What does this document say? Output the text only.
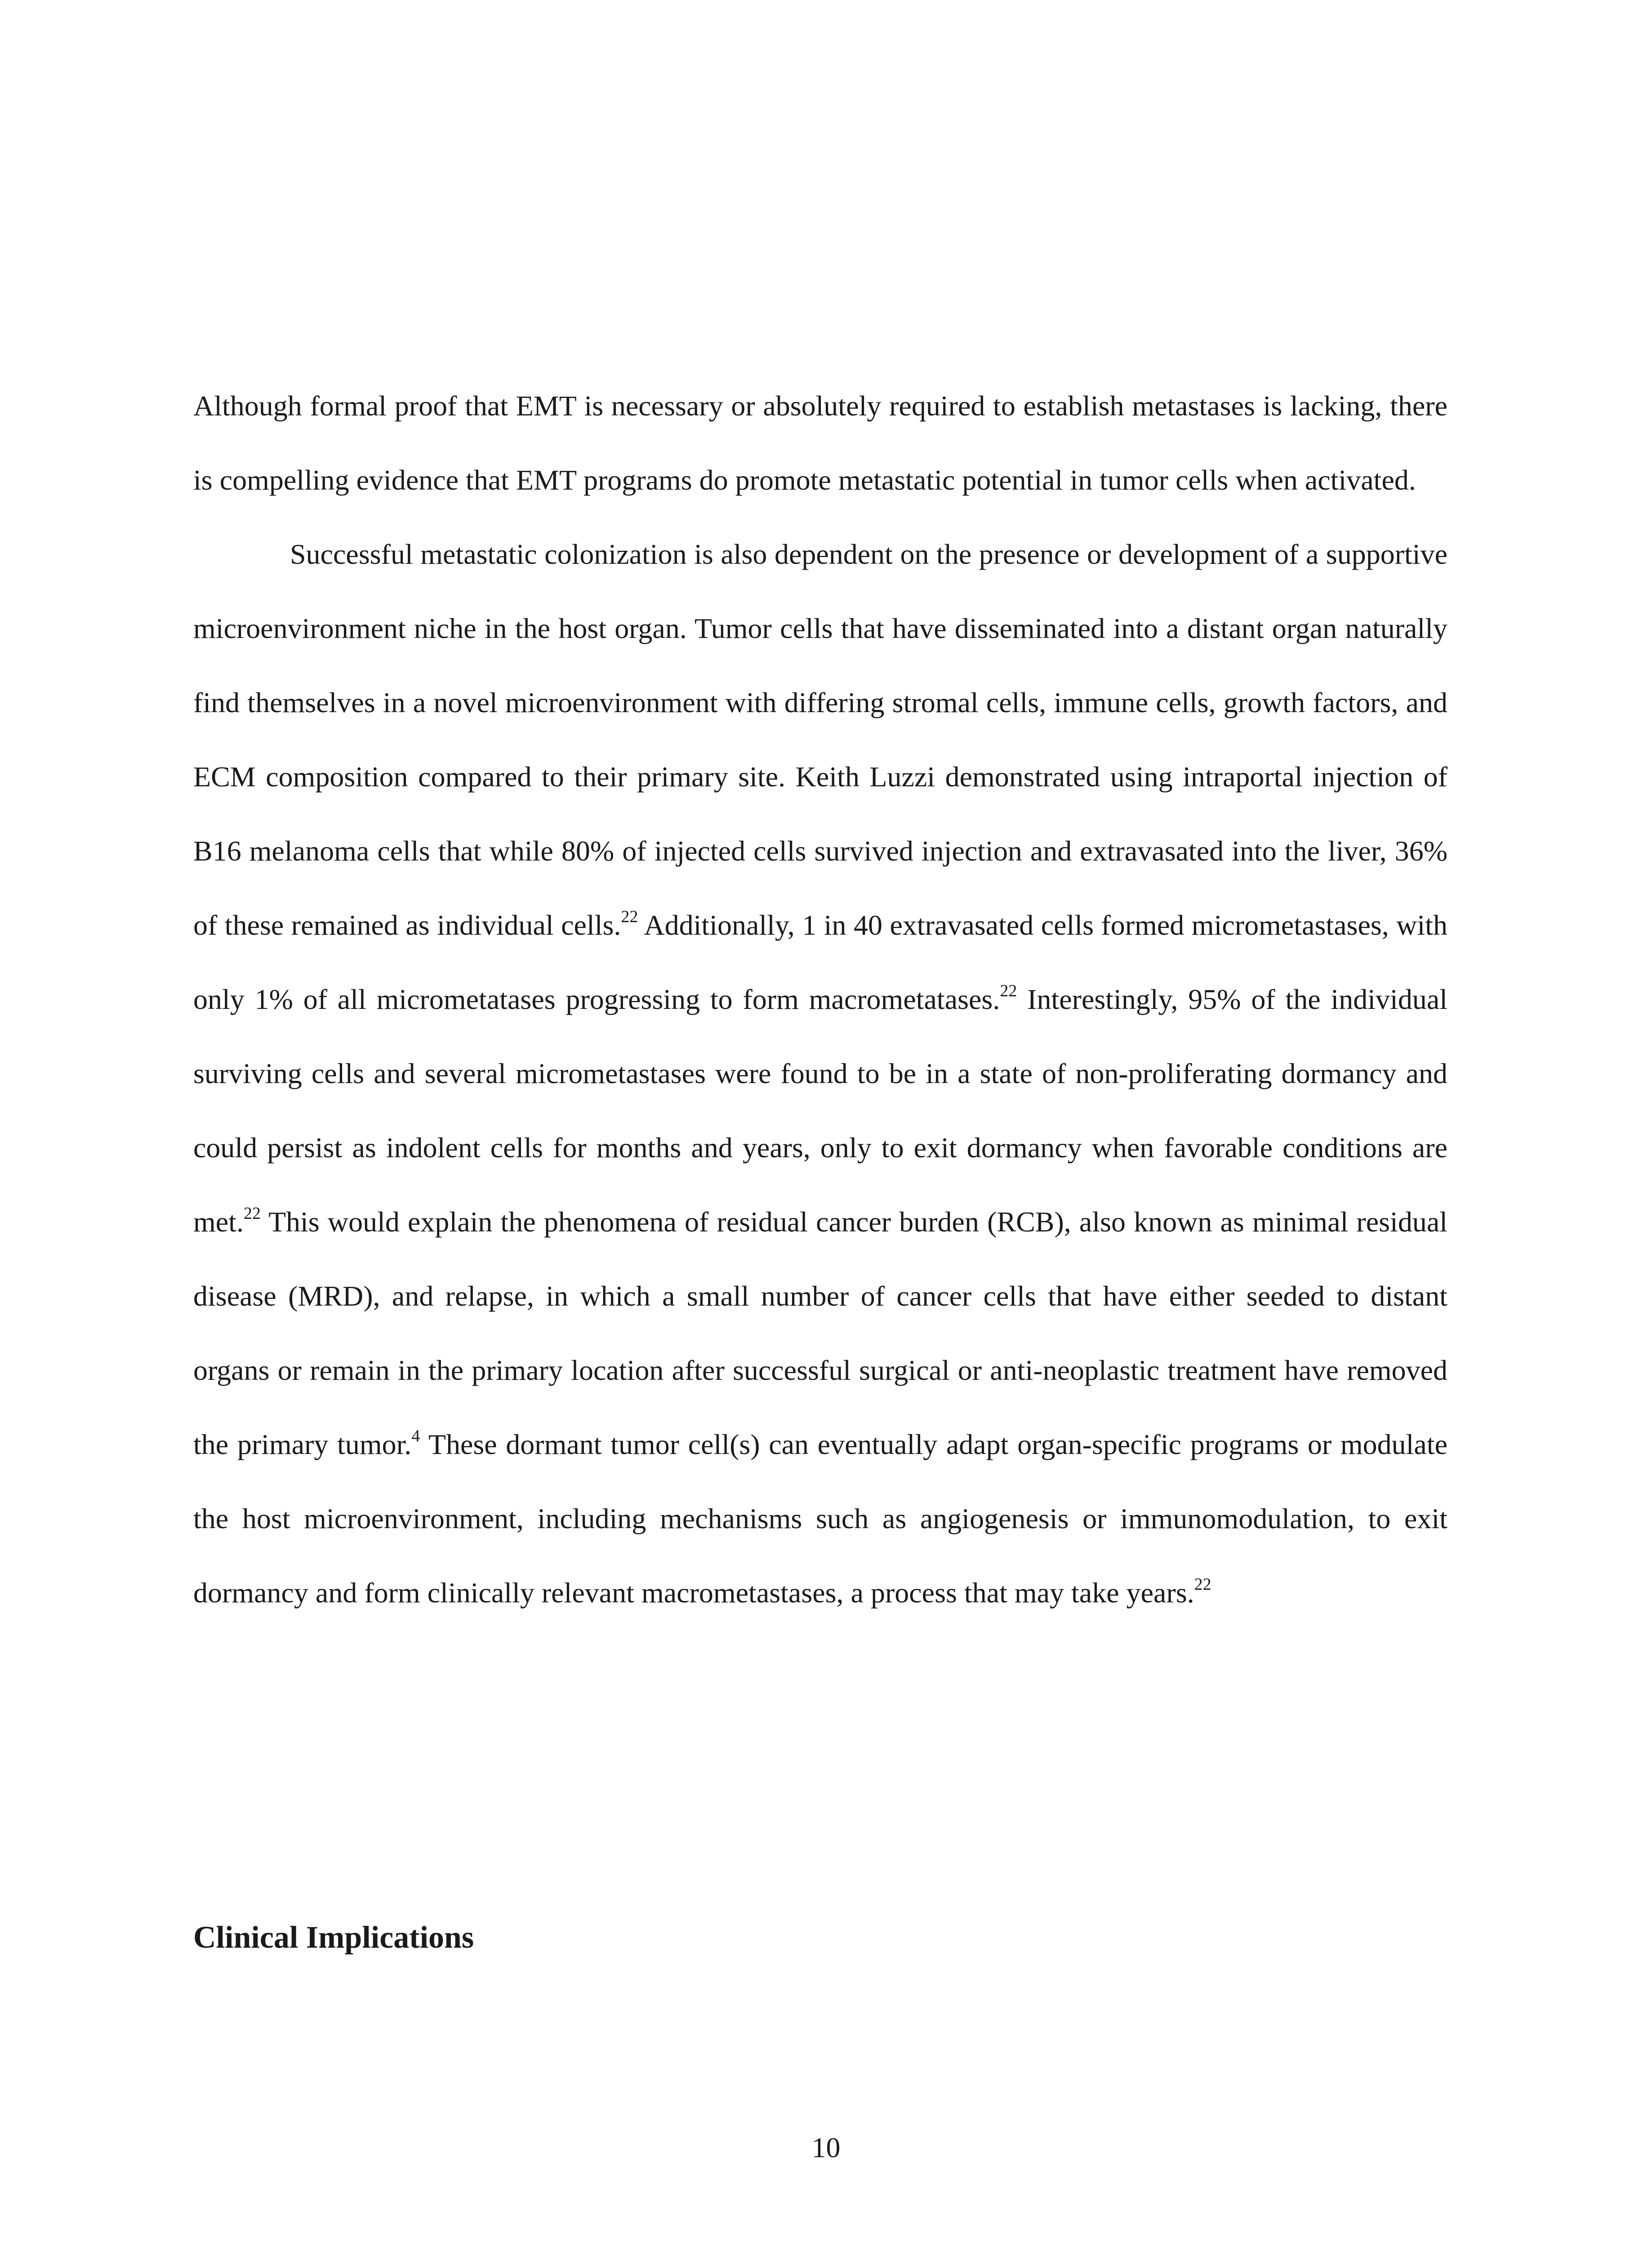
Although formal proof that EMT is necessary or absolutely required to establish metastases is lacking, there is compelling evidence that EMT programs do promote metastatic potential in tumor cells when activated.

Successful metastatic colonization is also dependent on the presence or development of a supportive microenvironment niche in the host organ. Tumor cells that have disseminated into a distant organ naturally find themselves in a novel microenvironment with differing stromal cells, immune cells, growth factors, and ECM composition compared to their primary site. Keith Luzzi demonstrated using intraportal injection of B16 melanoma cells that while 80% of injected cells survived injection and extravasated into the liver, 36% of these remained as individual cells.$^{22}$ Additionally, 1 in 40 extravasated cells formed micrometastases, with only 1% of all micrometatases progressing to form macrometatases.$^{22}$ Interestingly, 95% of the individual surviving cells and several micrometastases were found to be in a state of non-proliferating dormancy and could persist as indolent cells for months and years, only to exit dormancy when favorable conditions are met.$^{22}$ This would explain the phenomena of residual cancer burden (RCB), also known as minimal residual disease (MRD), and relapse, in which a small number of cancer cells that have either seeded to distant organs or remain in the primary location after successful surgical or anti-neoplastic treatment have removed the primary tumor.$^4$ These dormant tumor cell(s) can eventually adapt organ-specific programs or modulate the host microenvironment, including mechanisms such as angiogenesis or immunomodulation, to exit dormancy and form clinically relevant macrometastases, a process that may take years.$^{22}$

Clinical Implications
10
